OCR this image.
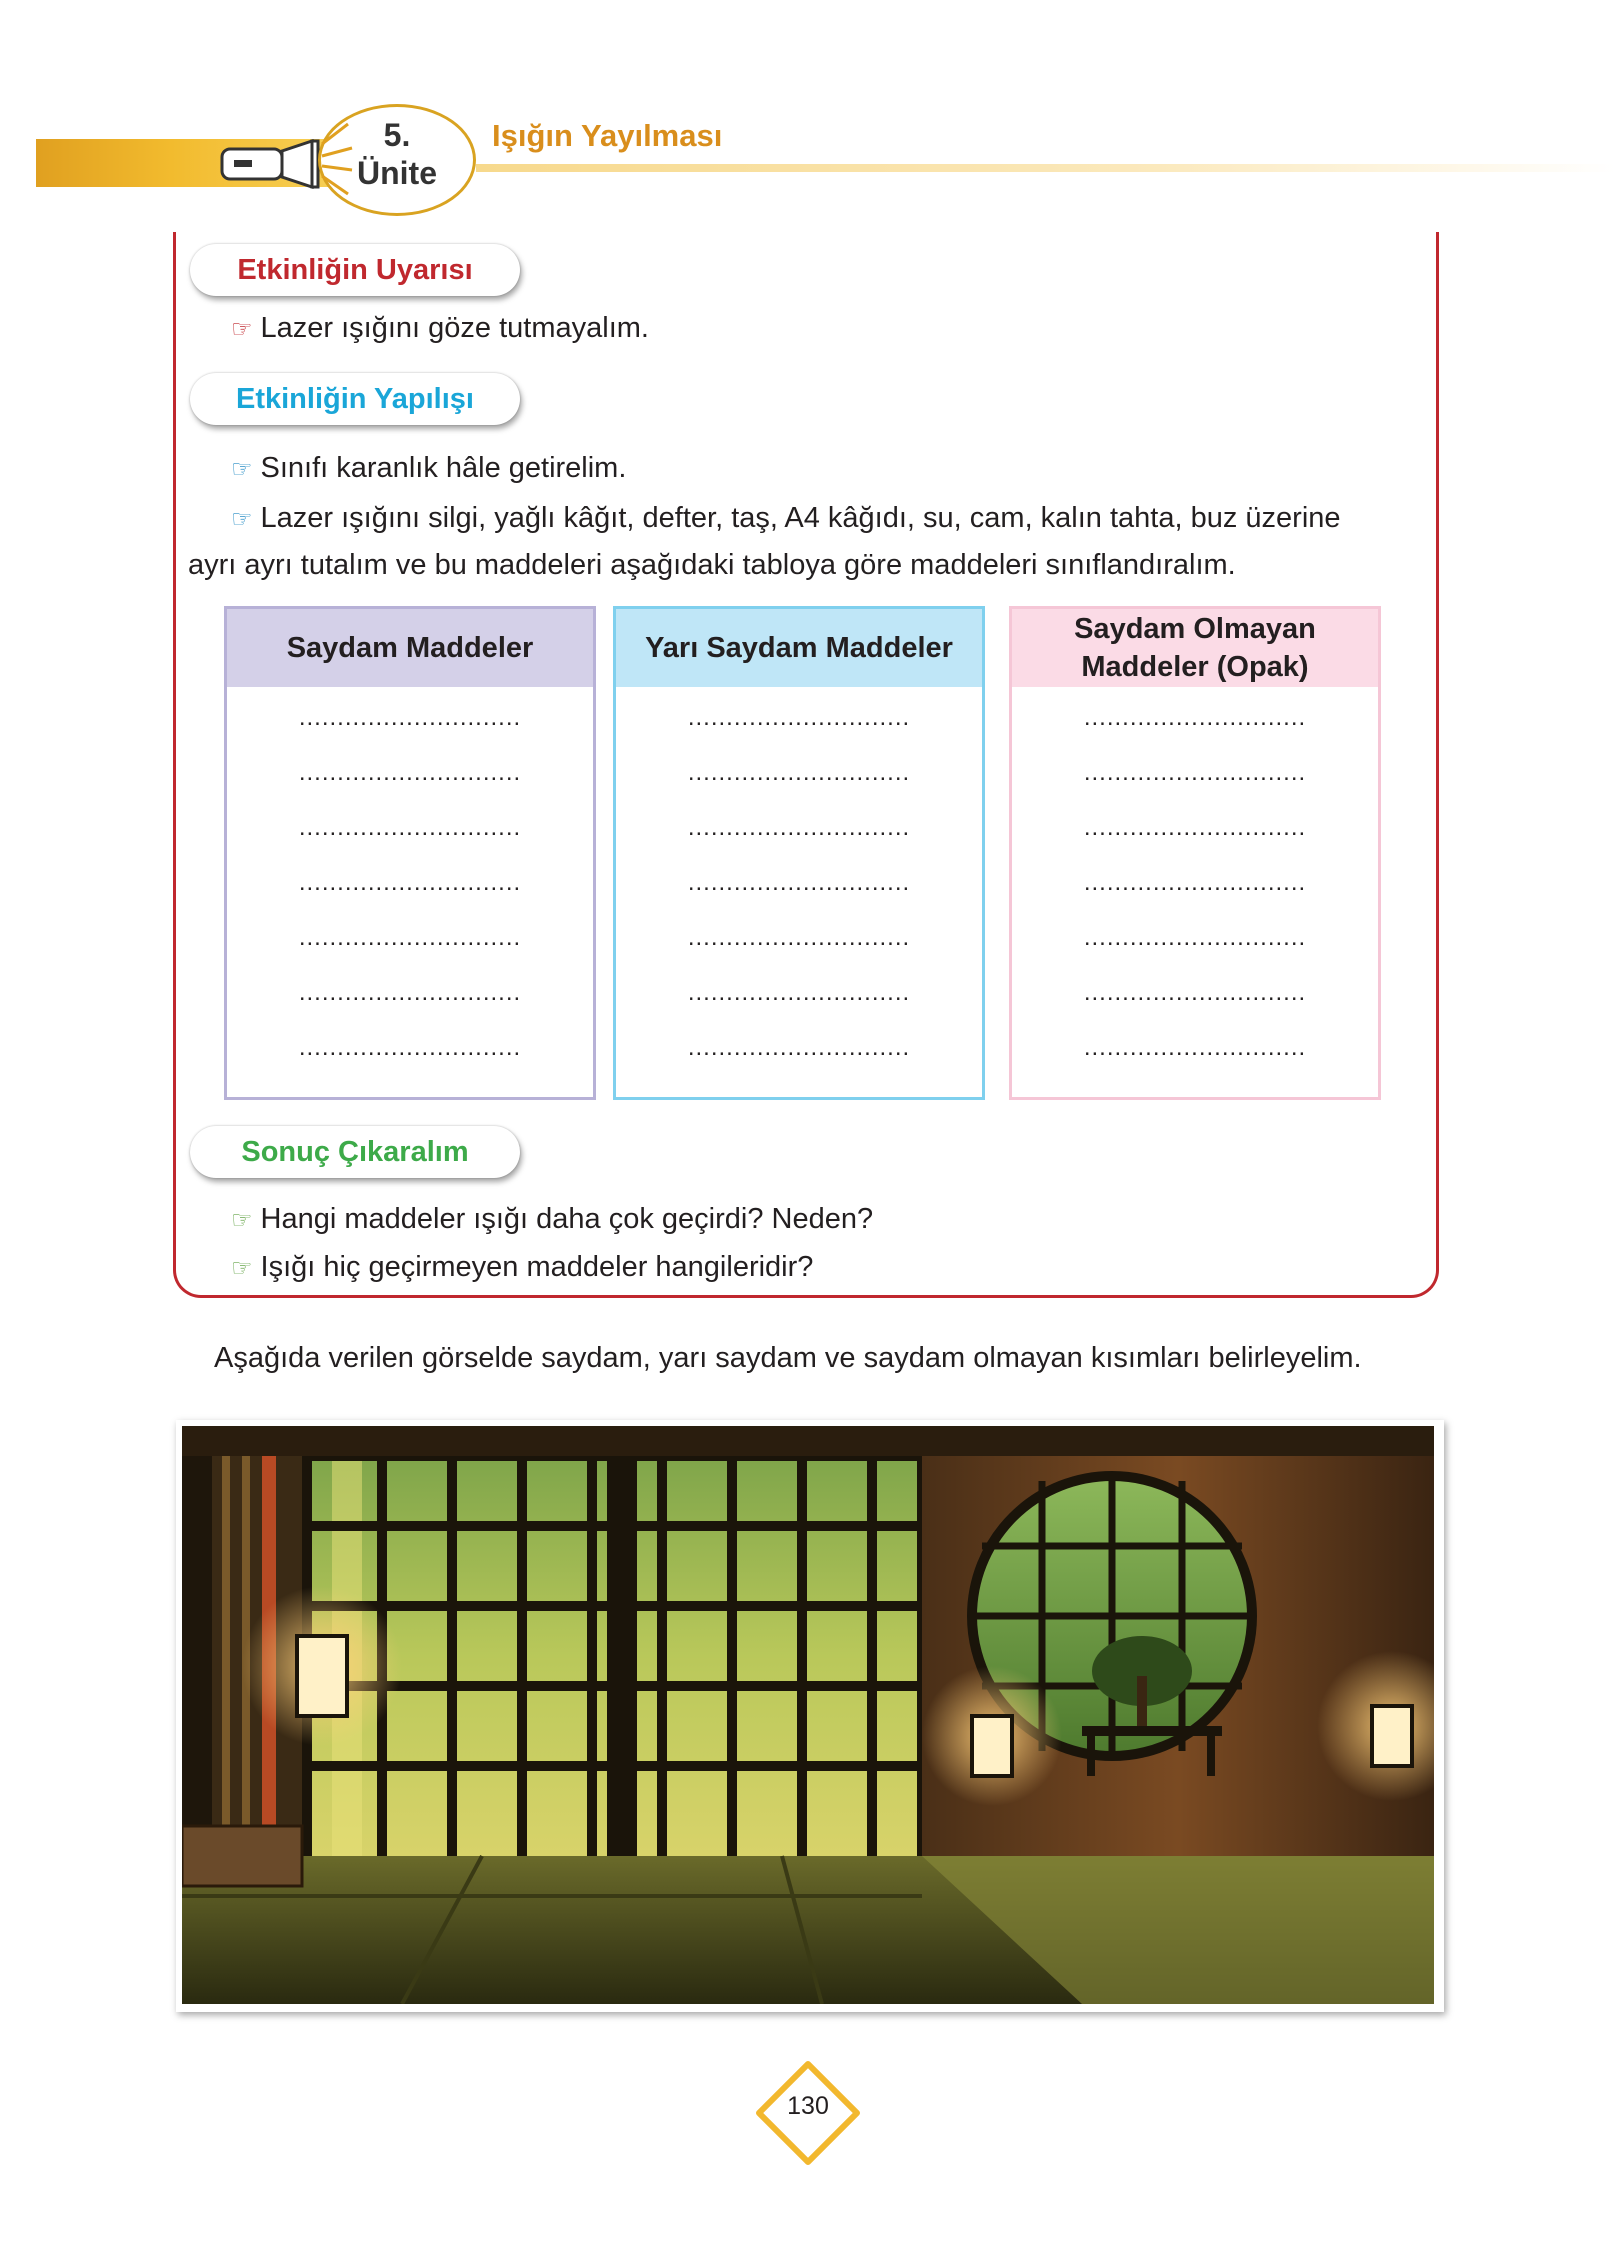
5.
Ünite
Işığın Yayılması
Etkinliğin Uyarısı
☞ Lazer ışığını göze tutmayalım.
Etkinliğin Yapılışı
☞ Sınıfı karanlık hâle getirelim.
☞ Lazer ışığını silgi, yağlı kâğıt, defter, taş, A4 kâğıdı, su, cam, kalın tahta, buz üzerine
ayrı ayrı tutalım ve bu maddeleri aşağıdaki tabloya göre maddeleri sınıflandıralım.
Saydam Maddeler
.............................
.............................
.............................
.............................
.............................
.............................
.............................
Yarı Saydam Maddeler
.............................
.............................
.............................
.............................
.............................
.............................
.............................
Saydam Olmayan
Maddeler (Opak)
.............................
.............................
.............................
.............................
.............................
.............................
.............................
Sonuç Çıkaralım
☞ Hangi maddeler ışığı daha çok geçirdi? Neden?
☞ Işığı hiç geçirmeyen maddeler hangileridir?
Aşağıda verilen görselde saydam, yarı saydam ve saydam olmayan kısımları belirleyelim.
130
